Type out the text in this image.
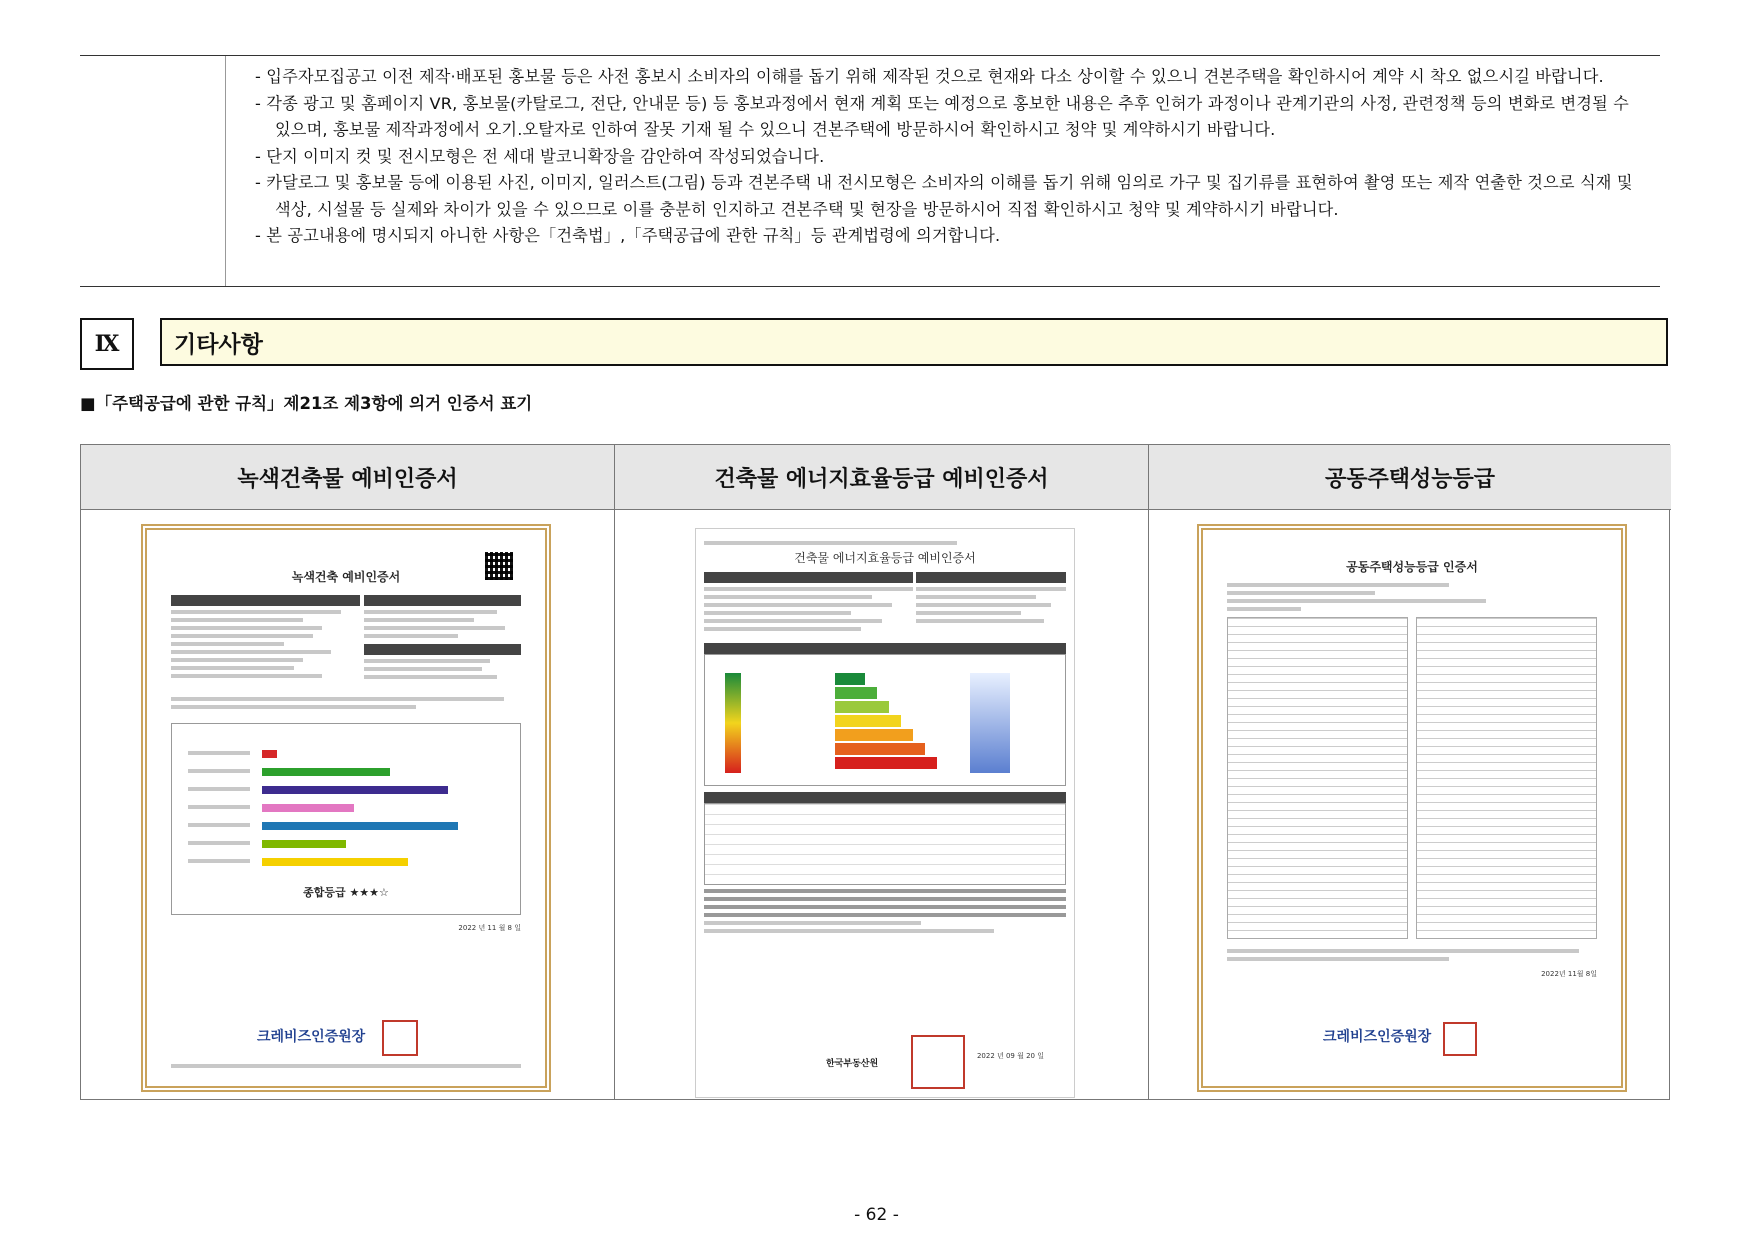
- 입주자모집공고 이전 제작·배포된 홍보물 등은 사전 홍보시 소비자의 이해를 돕기 위해 제작된 것으로 현재와 다소 상이할 수 있으니 견본주택을 확인하시어 계약 시 착오 없으시길 바랍니다.
- 각종 광고 및 홈페이지 VR, 홍보물(카탈로그, 전단, 안내문 등) 등 홍보과정에서 현재 계획 또는 예정으로 홍보한 내용은 추후 인허가 과정이나 관계기관의 사정, 관련정책 등의 변화로 변경될 수 있으며, 홍보물 제작과정에서 오기.오탈자로 인하여 잘못 기재 될 수 있으니 견본주택에 방문하시어 확인하시고 청약 및 계약하시기 바랍니다.
- 단지 이미지 컷 및 전시모형은 전 세대 발코니확장을 감안하여 작성되었습니다.
- 카달로그 및 홍보물 등에 이용된 사진, 이미지, 일러스트(그림) 등과 견본주택 내 전시모형은 소비자의 이해를 돕기 위해 임의로 가구 및 집기류를 표현하여 촬영 또는 제작 연출한 것으로 식재 및 색상, 시설물 등 실제와 차이가 있을 수 있으므로 이를 충분히 인지하고 견본주택 및 현장을 방문하시어 직접 확인하시고 청약 및 계약하시기 바랍니다.
- 본 공고내용에 명시되지 아니한 사항은「건축법」,「주택공급에 관한 규칙」등 관계법령에 의거합니다.
Ⅸ	기타사항
■「주택공급에 관한 규칙」제21조 제3항에 의거 인증서 표기
녹색건축물 예비인증서
녹색건축 예비인증서
종합등급 ★★★☆
2022 년 11 월 8 일
크레비즈인증원장
건축물 에너지효율등급 예비인증서
건축물 에너지효율등급 예비인증서
2022 년 09 월 20 일
한국부동산원
공동주택성능등급
공동주택성능등급 인증서
2022년 11월 8일
크레비즈인증원장
- 62 -
